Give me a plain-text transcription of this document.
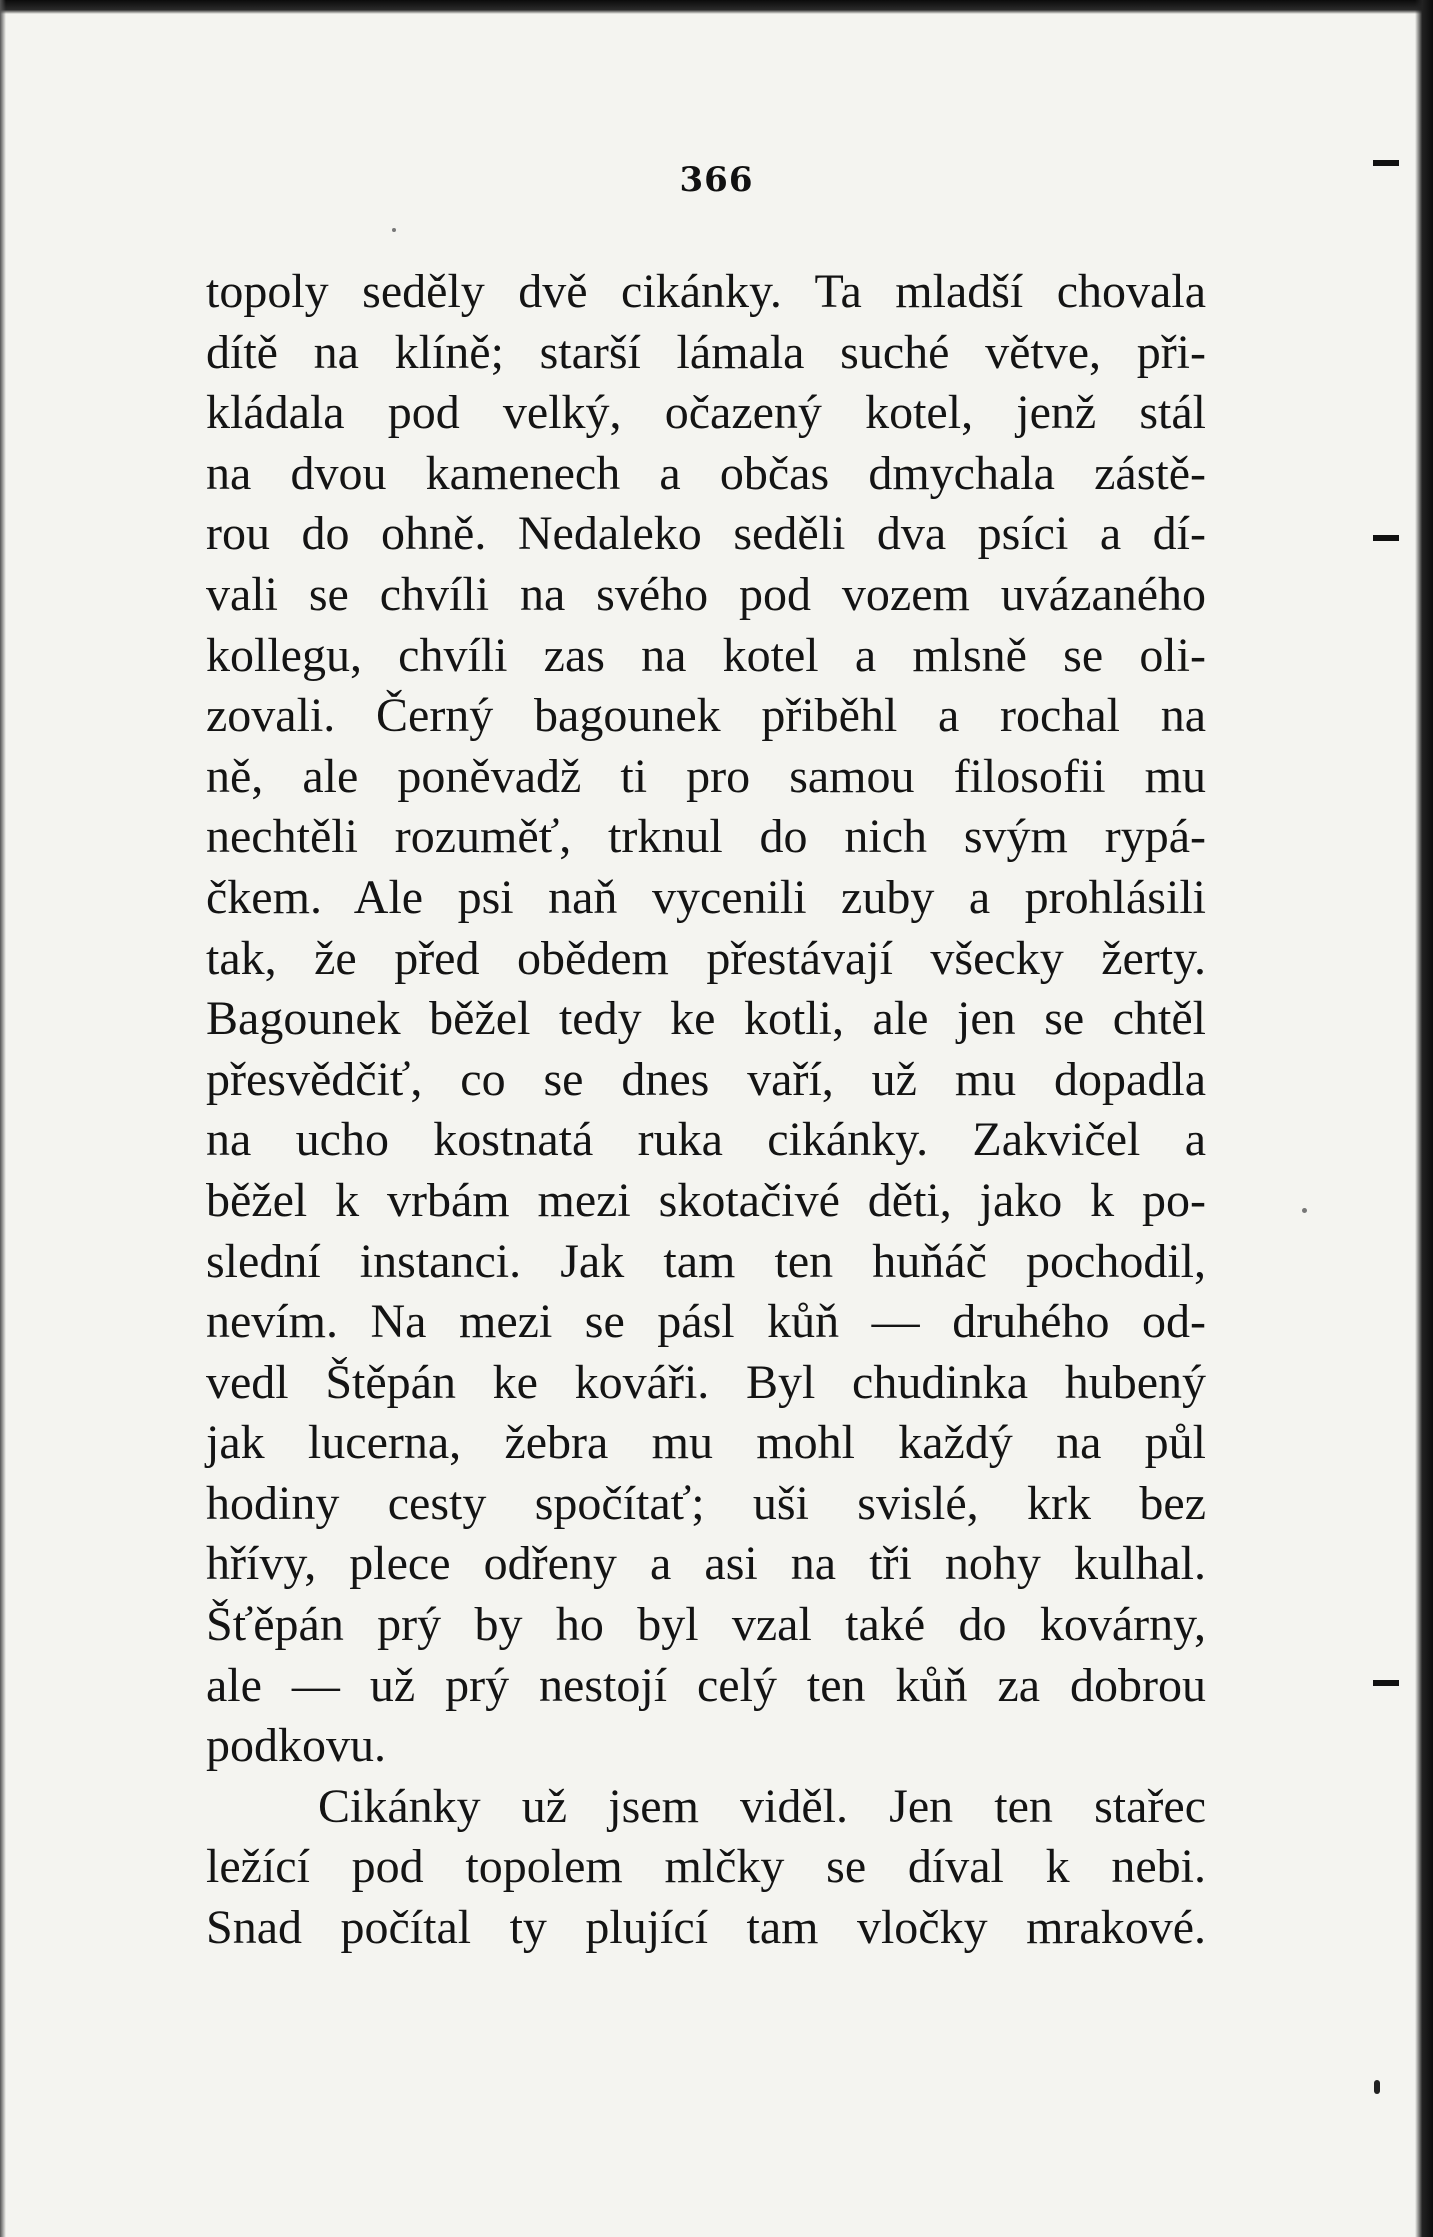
366
topoly seděly dvě cikánky. Ta mladší chovala
dítě na klíně; starší lámala suché větve, při-
kládala pod velký, očazený kotel, jenž stál
na dvou kamenech a občas dmychala zástě-
rou do ohně. Nedaleko seděli dva psíci a dí-
vali se chvíli na svého pod vozem uvázaného
kollegu, chvíli zas na kotel a mlsně se oli-
zovali. Černý bagounek přiběhl a rochal na
ně, ale poněvadž ti pro samou filosofii mu
nechtěli rozuměť, trknul do nich svým rypá-
čkem. Ale psi naň vycenili zuby a prohlásili
tak, že před obědem přestávají všecky žerty.
Bagounek běžel tedy ke kotli, ale jen se chtěl
přesvědčiť, co se dnes vaří, už mu dopadla
na ucho kostnatá ruka cikánky. Zakvičel a
běžel k vrbám mezi skotačivé děti, jako k po-
slední instanci. Jak tam ten huňáč pochodil,
nevím. Na mezi se pásl kůň — druhého od-
vedl Štěpán ke kováři. Byl chudinka hubený
jak lucerna, žebra mu mohl každý na půl
hodiny cesty spočítať; uši svislé, krk bez
hřívy, plece odřeny a asi na tři nohy kulhal.
Šťěpán prý by ho byl vzal také do kovárny,
ale — už prý nestojí celý ten kůň za dobrou
podkovu.
Cikánky už jsem viděl. Jen ten stařec
ležící pod topolem mlčky se díval k nebi.
Snad počítal ty plující tam vločky mrakové.
